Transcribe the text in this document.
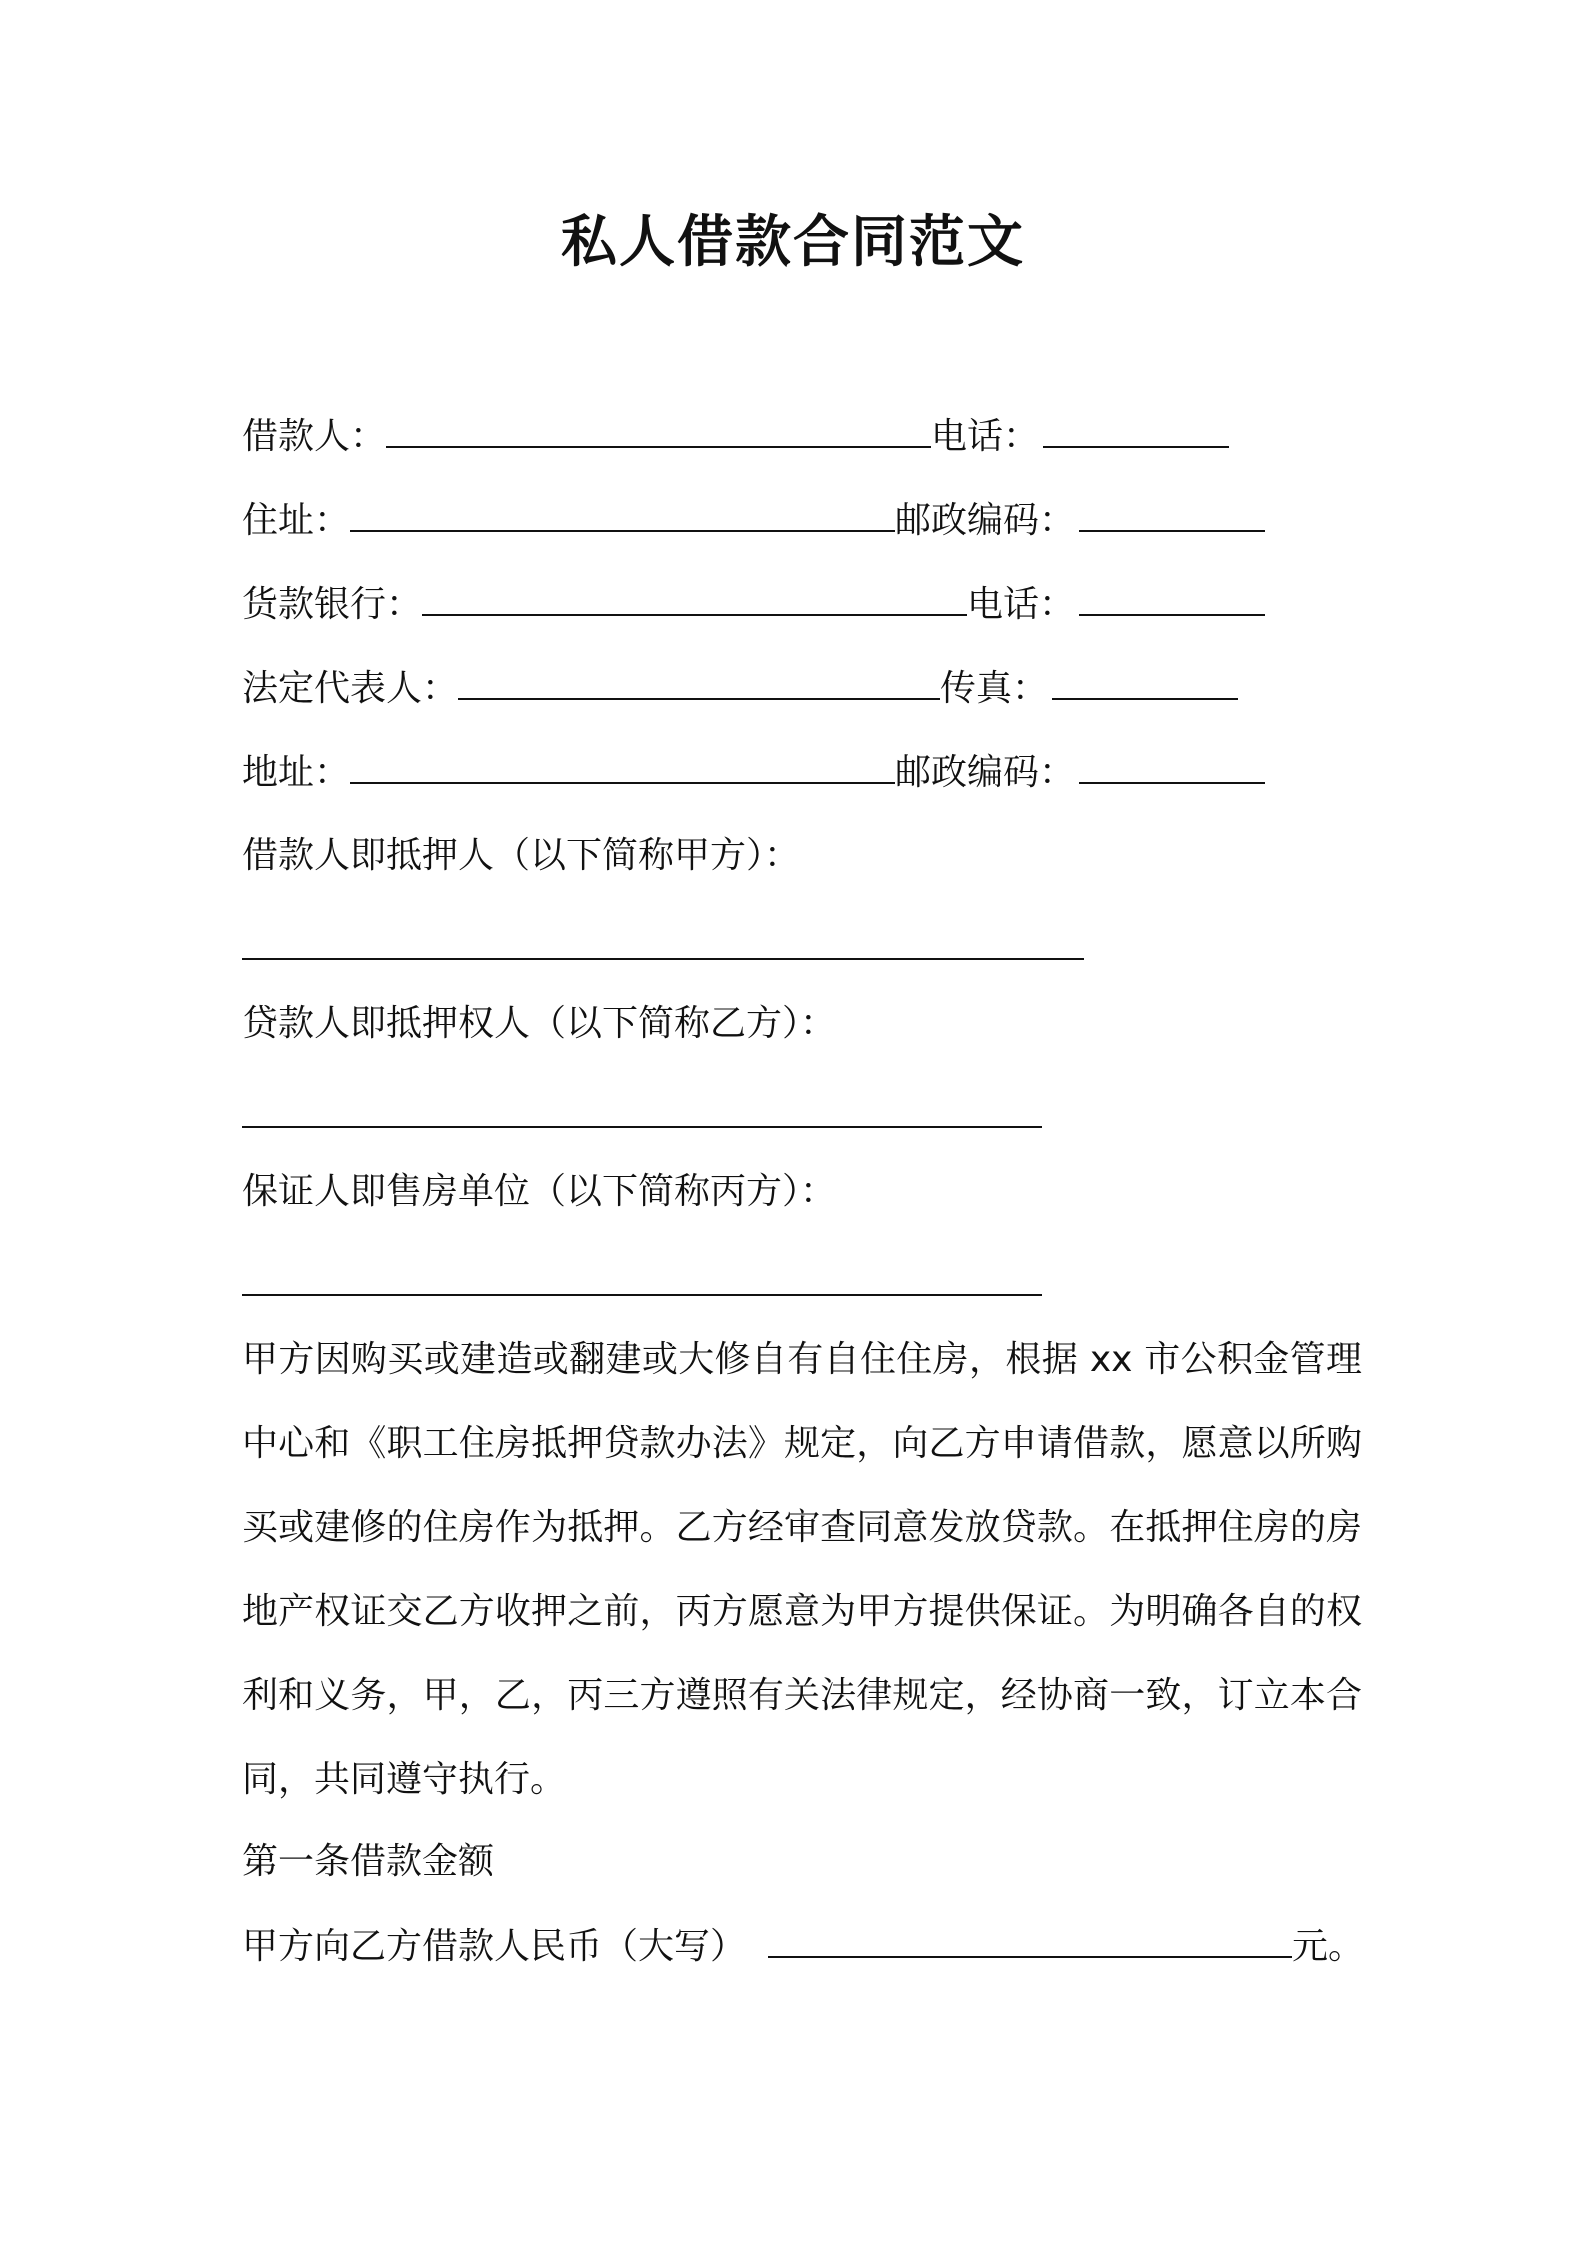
私人借款合同范文
借款人：	电话：
住址：	邮政编码：
货款银行：	电话：
法定代表人：	传真：
地址：	邮政编码：
借款人即抵押人（以下简称甲方）：
贷款人即抵押权人（以下简称乙方）：
保证人即售房单位（以下简称丙方）：
甲方因购买或建造或翻建或大修自有自住住房，根据 xx 市公积金管理中心和《职工住房抵押贷款办法》规定，向乙方申请借款，愿意以所购买或建修的住房作为抵押。乙方经审查同意发放贷款。在抵押住房的房地产权证交乙方收押之前，丙方愿意为甲方提供保证。为明确各自的权利和义务，甲，乙，丙三方遵照有关法律规定，经协商一致，订立本合同，共同遵守执行。
第一条借款金额
甲方向乙方借款人民币（大写）	元。
